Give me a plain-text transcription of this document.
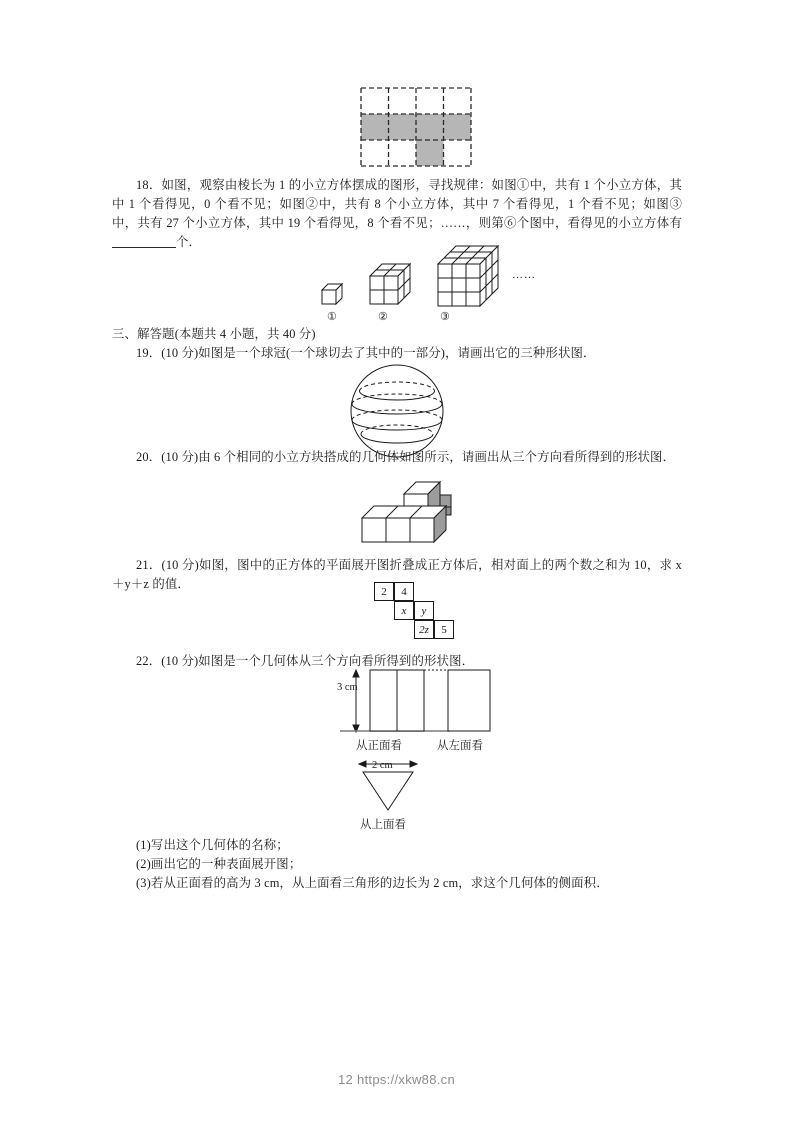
18．如图，观察由棱长为 1 的小立方体摆成的图形，寻找规律：如图①中，共有 1 个小立方体，其中 1 个看得见，0 个看不见；如图②中，共有 8 个小立方体，其中 7 个看得见，1 个看不见；如图③中，共有 27 个小立方体，其中 19 个看得见，8 个看不见；……，则第⑥个图中，看得见的小立方体有个．
①	②	③
……
三、解答题(本题共 4 小题，共 40 分)
19．(10 分)如图是一个球冠(一个球切去了其中的一部分)，请画出它的三种形状图．
20．(10 分)由 6 个相同的小立方块搭成的几何体如图所示，请画出从三个方向看所得到的形状图．
21．(10 分)如图，图中的正方体的平面展开图折叠成正方体后，相对面上的两个数之和为 10，求 x＋y＋z 的值．
2	4
x	y
2z	5
22．(10 分)如图是一个几何体从三个方向看所得到的形状图．
3 cm
从正面看	从左面看
2 cm
从上面看
(1)写出这个几何体的名称；
(2)画出它的一种表面展开图；
(3)若从正面看的高为 3 cm，从上面看三角形的边长为 2 cm，求这个几何体的侧面积．
12 https://xkw88.cn
